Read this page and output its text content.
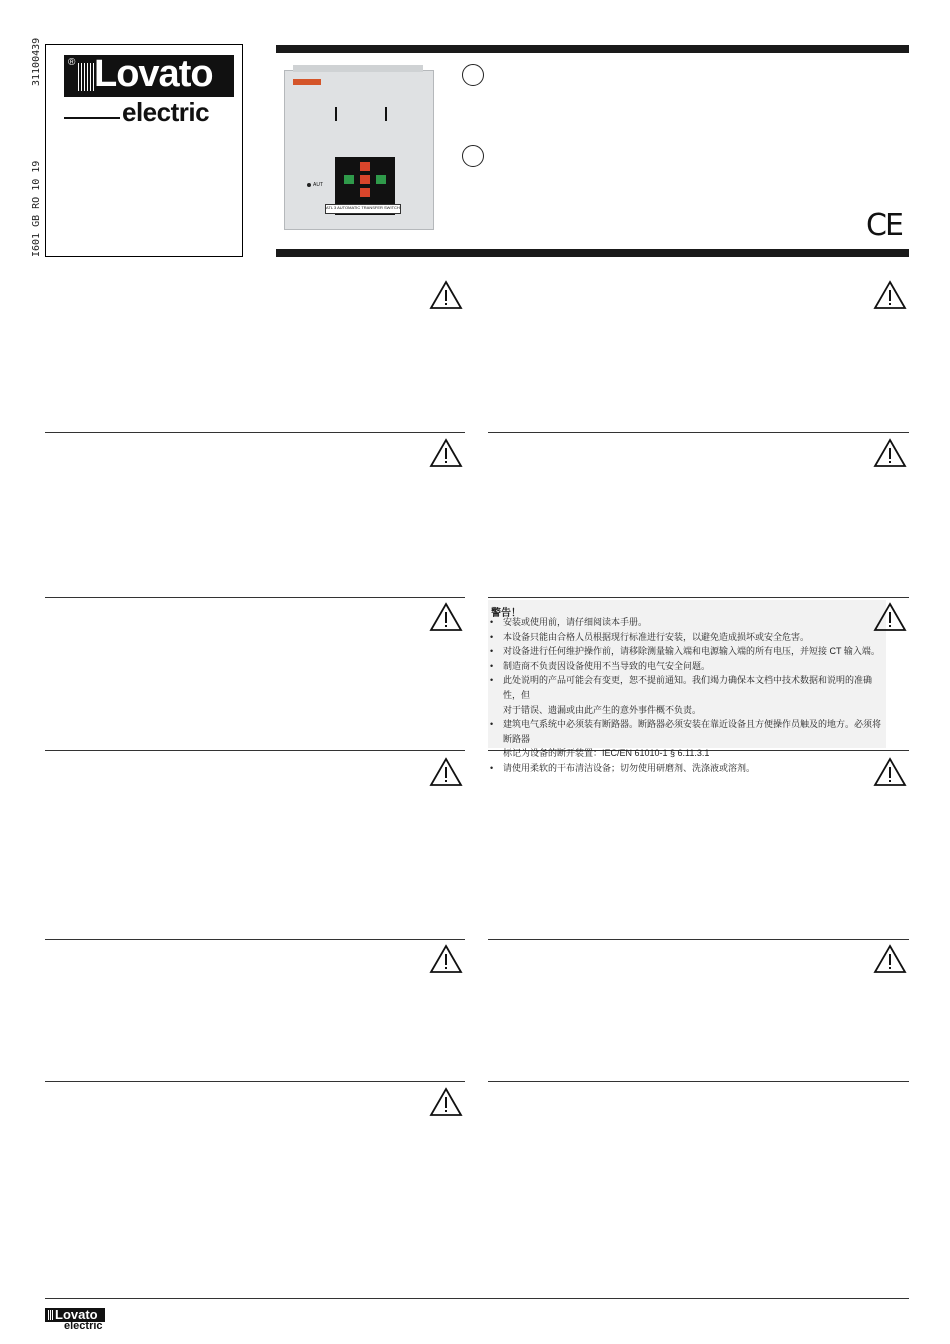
31100439
I601 GB RO 10 19
® Lovato
electric
AUT
ATL 3 AUTOMATIC TRANSFER SWITCH
CE
警告！
• 安装或使用前，请仔细阅读本手册。
• 本设备只能由合格人员根据现行标准进行安装，以避免造成损坏或安全危害。
• 对设备进行任何维护操作前，请移除测量输入端和电源输入端的所有电压，并短接 CT 输入端。
• 制造商不负责因设备使用不当导致的电气安全问题。
• 此处说明的产品可能会有变更，恕不提前通知。我们竭力确保本文档中技术数据和说明的准确性，但
对于错误、遗漏或由此产生的意外事件概不负责。
• 建筑电气系统中必须装有断路器。断路器必须安装在靠近设备且方便操作员触及的地方。必须将断路器
标记为设备的断开装置：IEC/EN 61010-1 § 6.11.3.1
• 请使用柔软的干布清洁设备；切勿使用研磨剂、洗涤液或溶剂。
Lovato
electric
